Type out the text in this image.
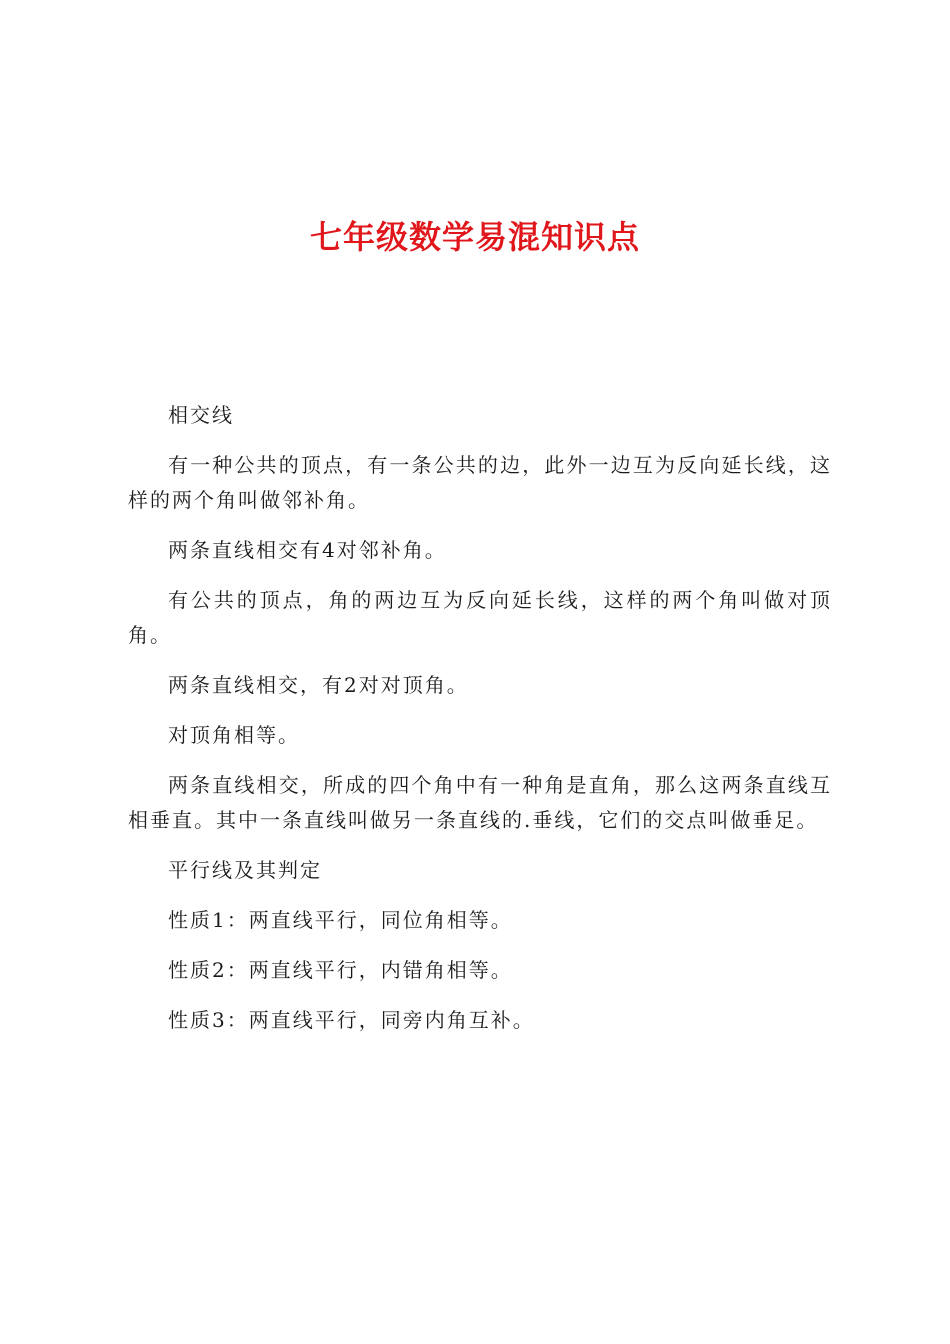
七年级数学易混知识点

相交线

有一种公共的顶点，有一条公共的边，此外一边互为反向延长线，这样的两个角叫做邻补角。

两条直线相交有4对邻补角。

有公共的顶点，角的两边互为反向延长线，这样的两个角叫做对顶角。

两条直线相交，有2对对顶角。

对顶角相等。

两条直线相交，所成的四个角中有一种角是直角，那么这两条直线互相垂直。其中一条直线叫做另一条直线的.垂线，它们的交点叫做垂足。

平行线及其判定

性质1：两直线平行，同位角相等。

性质2：两直线平行，内错角相等。

性质3：两直线平行，同旁内角互补。
